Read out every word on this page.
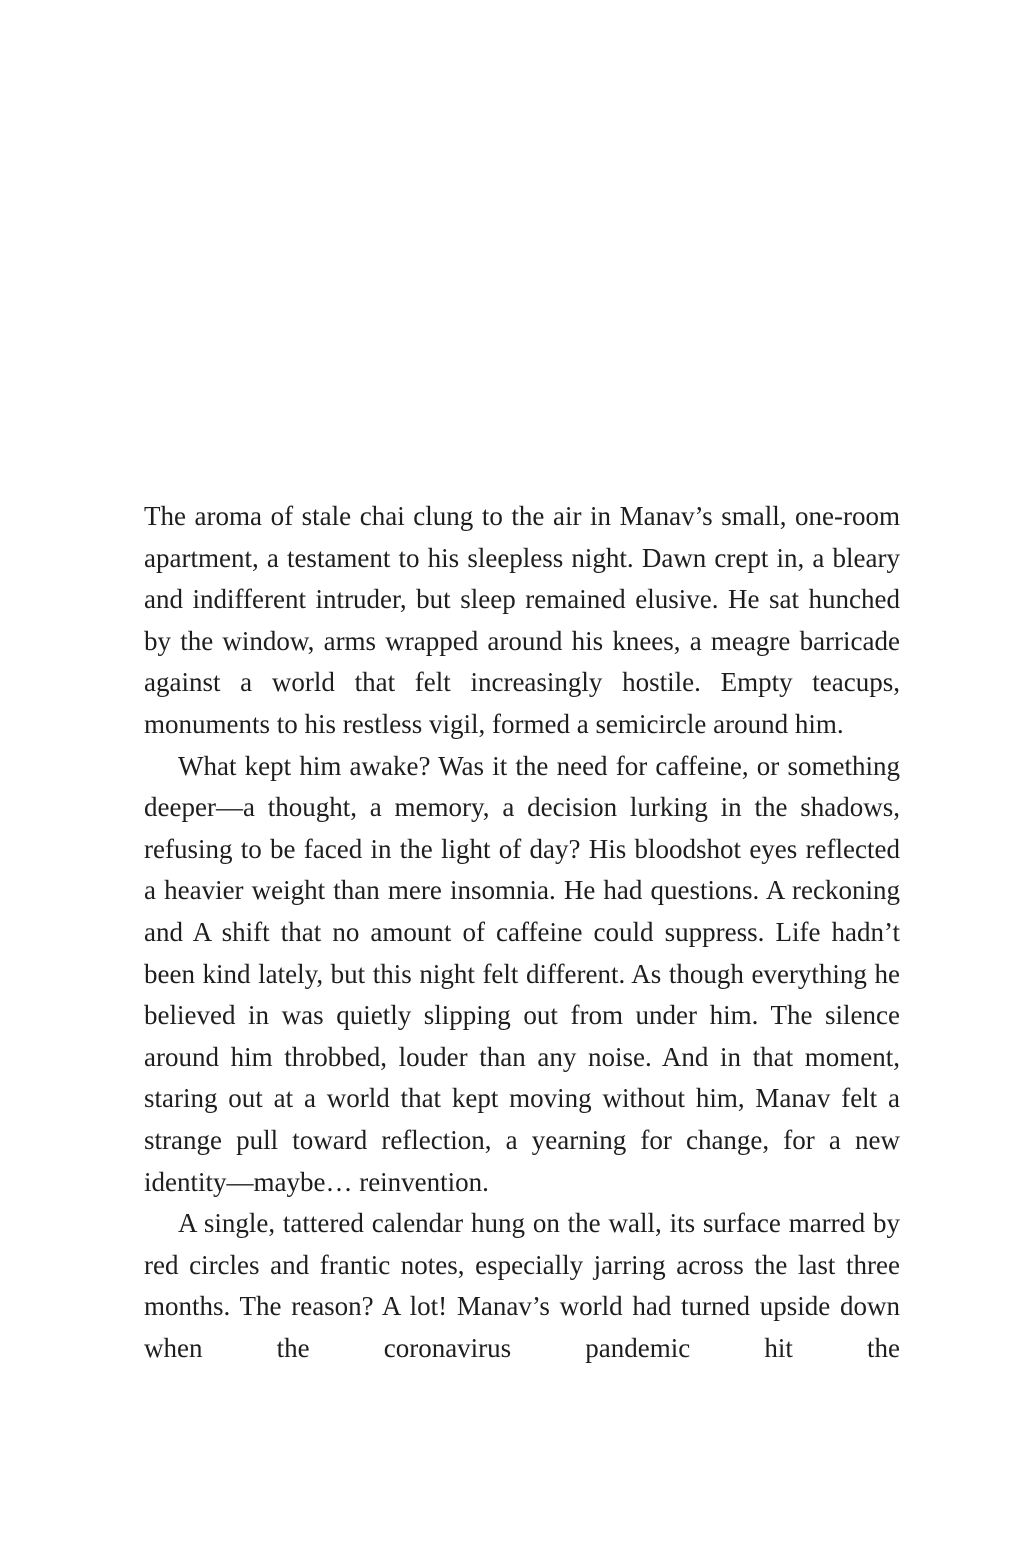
The aroma of stale chai clung to the air in Manav’s small, one-room apartment, a testament to his sleepless night. Dawn crept in, a bleary and indifferent intruder, but sleep remained elusive. He sat hunched by the window, arms wrapped around his knees, a meagre barricade against a world that felt increasingly hostile. Empty teacups, monuments to his restless vigil, formed a semicircle around him.

What kept him awake? Was it the need for caffeine, or something deeper—a thought, a memory, a decision lurking in the shadows, refusing to be faced in the light of day? His bloodshot eyes reflected a heavier weight than mere insomnia. He had questions. A reckoning and A shift that no amount of caffeine could suppress. Life hadn’t been kind lately, but this night felt different. As though everything he believed in was quietly slipping out from under him. The silence around him throbbed, louder than any noise. And in that moment, staring out at a world that kept moving without him, Manav felt a strange pull toward reflection, a yearning for change, for a new identity—maybe… reinvention.

A single, tattered calendar hung on the wall, its surface marred by red circles and frantic notes, especially jarring across the last three months. The reason? A lot! Manav’s world had turned upside down when the coronavirus pandemic hit the
